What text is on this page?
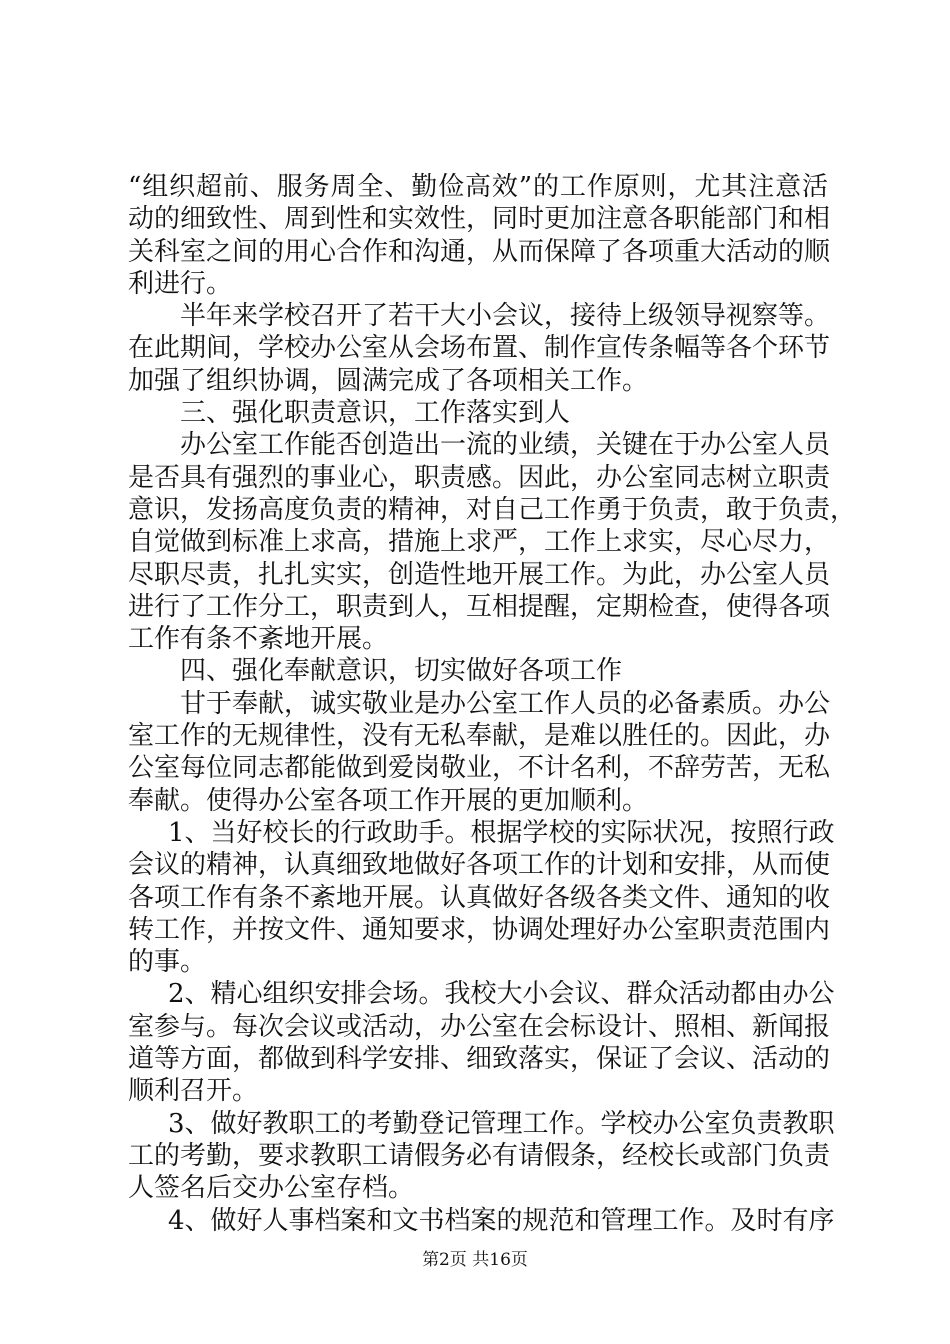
“组织超前、服务周全、勤俭高效”的工作原则，尤其注意活
动的细致性、周到性和实效性，同时更加注意各职能部门和相
关科室之间的用心合作和沟通，从而保障了各项重大活动的顺
利进行。
半年来学校召开了若干大小会议，接待上级领导视察等。
在此期间，学校办公室从会场布置、制作宣传条幅等各个环节
加强了组织协调，圆满完成了各项相关工作。
三、强化职责意识，工作落实到人
办公室工作能否创造出一流的业绩，关键在于办公室人员
是否具有强烈的事业心，职责感。因此，办公室同志树立职责
意识，发扬高度负责的精神，对自己工作勇于负责，敢于负责，
自觉做到标准上求高，措施上求严，工作上求实，尽心尽力，
尽职尽责，扎扎实实，创造性地开展工作。为此，办公室人员
进行了工作分工，职责到人，互相提醒，定期检查，使得各项
工作有条不紊地开展。
四、强化奉献意识，切实做好各项工作
甘于奉献，诚实敬业是办公室工作人员的必备素质。办公
室工作的无规律性，没有无私奉献，是难以胜任的。因此，办
公室每位同志都能做到爱岗敬业，不计名利，不辞劳苦，无私
奉献。使得办公室各项工作开展的更加顺利。
1、当好校长的行政助手。根据学校的实际状况，按照行政
会议的精神，认真细致地做好各项工作的计划和安排，从而使
各项工作有条不紊地开展。认真做好各级各类文件、通知的收
转工作，并按文件、通知要求，协调处理好办公室职责范围内
的事。
2、精心组织安排会场。我校大小会议、群众活动都由办公
室参与。每次会议或活动，办公室在会标设计、照相、新闻报
道等方面，都做到科学安排、细致落实，保证了会议、活动的
顺利召开。
3、做好教职工的考勤登记管理工作。学校办公室负责教职
工的考勤，要求教职工请假务必有请假条，经校长或部门负责
人签名后交办公室存档。
4、做好人事档案和文书档案的规范和管理工作。及时有序
第2页 共16页
